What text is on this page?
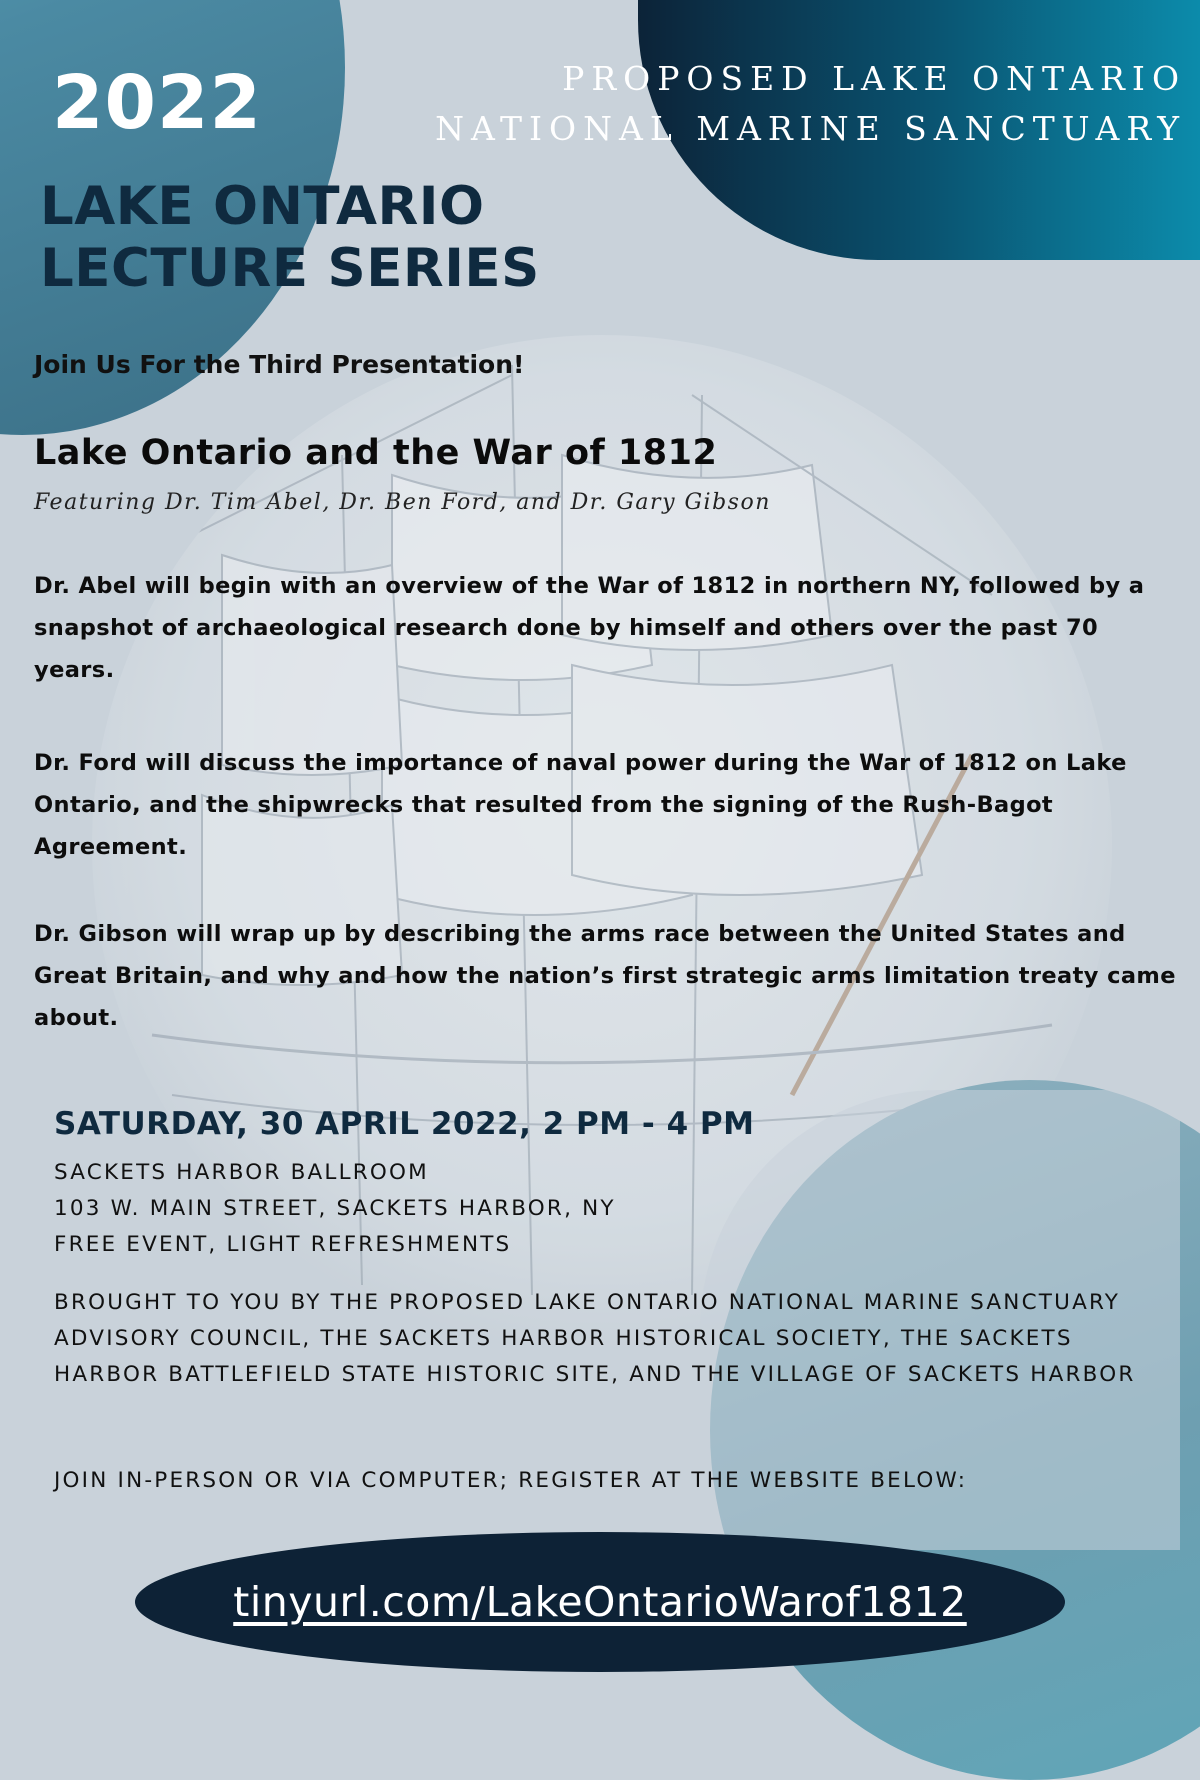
2022
LAKE ONTARIO
LECTURE SERIES
PROPOSED LAKE ONTARIO
NATIONAL MARINE SANCTUARY
Join Us For the Third Presentation!
Lake Ontario and the War of 1812
Featuring Dr. Tim Abel, Dr. Ben Ford, and Dr. Gary Gibson
Dr. Abel will begin with an overview of the War of 1812 in northern NY, followed by a snapshot of archaeological research done by himself and others over the past 70 years.
Dr. Ford will discuss the importance of naval power during the War of 1812 on Lake Ontario, and the shipwrecks that resulted from the signing of the Rush-Bagot Agreement.
Dr. Gibson will wrap up by describing the arms race between the United States and Great Britain, and why and how the nation’s first strategic arms limitation treaty came about.
SATURDAY, 30 APRIL 2022, 2 PM - 4 PM
SACKETS HARBOR BALLROOM
103 W. MAIN STREET, SACKETS HARBOR, NY
FREE EVENT, LIGHT REFRESHMENTS
BROUGHT TO YOU BY THE PROPOSED LAKE ONTARIO NATIONAL MARINE SANCTUARY ADVISORY COUNCIL, THE SACKETS HARBOR HISTORICAL SOCIETY, THE SACKETS HARBOR BATTLEFIELD STATE HISTORIC SITE, AND THE VILLAGE OF SACKETS HARBOR
JOIN IN-PERSON OR VIA COMPUTER; REGISTER AT THE WEBSITE BELOW:
tinyurl.com/LakeOntarioWarof1812
